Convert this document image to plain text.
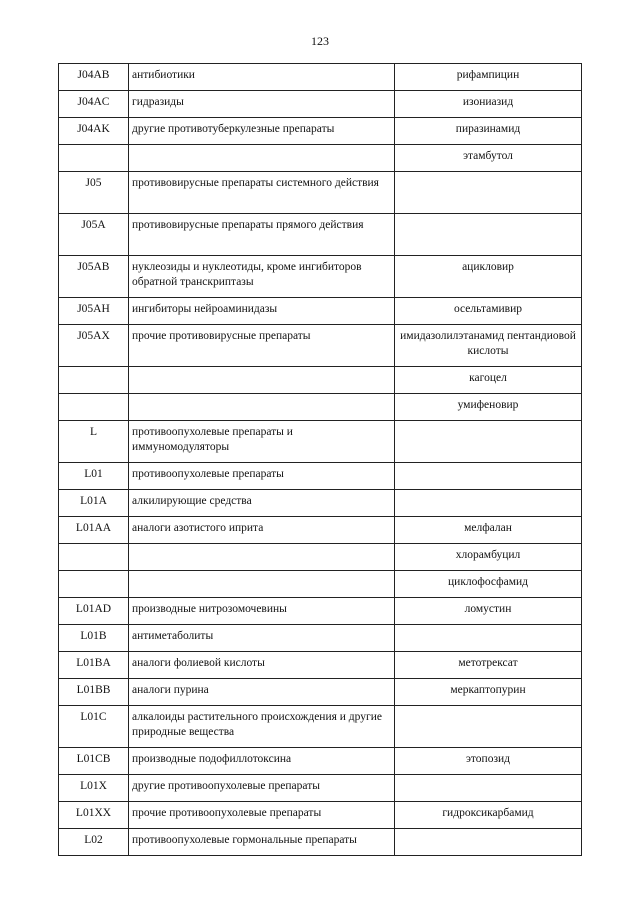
123
J04AB	антибиотики	рифампицин
J04AC	гидразиды	изониазид
J04AK	другие противотуберкулезные препараты	пиразинамид
		этамбутол
J05	противовирусные препараты системного действия	
J05A	противовирусные препараты прямого действия	
J05AB	нуклеозиды и нуклеотиды, кроме ингибиторов обратной транскриптазы	ацикловир
J05AH	ингибиторы нейроаминидазы	осельтамивир
J05AX	прочие противовирусные препараты	имидазолилэтанамид пентандиовой кислоты
		кагоцел
		умифеновир
L	противоопухолевые препараты и иммуномодуляторы	
L01	противоопухолевые препараты	
L01A	алкилирующие средства	
L01AA	аналоги азотистого иприта	мелфалан
		хлорамбуцил
		циклофосфамид
L01AD	производные нитрозомочевины	ломустин
L01B	антиметаболиты	
L01BA	аналоги фолиевой кислоты	метотрексат
L01BB	аналоги пурина	меркаптопурин
L01C	алкалоиды растительного происхождения и другие природные вещества	
L01CB	производные подофиллотоксина	этопозид
L01X	другие противоопухолевые препараты	
L01XX	прочие противоопухолевые препараты	гидроксикарбамид
L02	противоопухолевые гормональные препараты	
